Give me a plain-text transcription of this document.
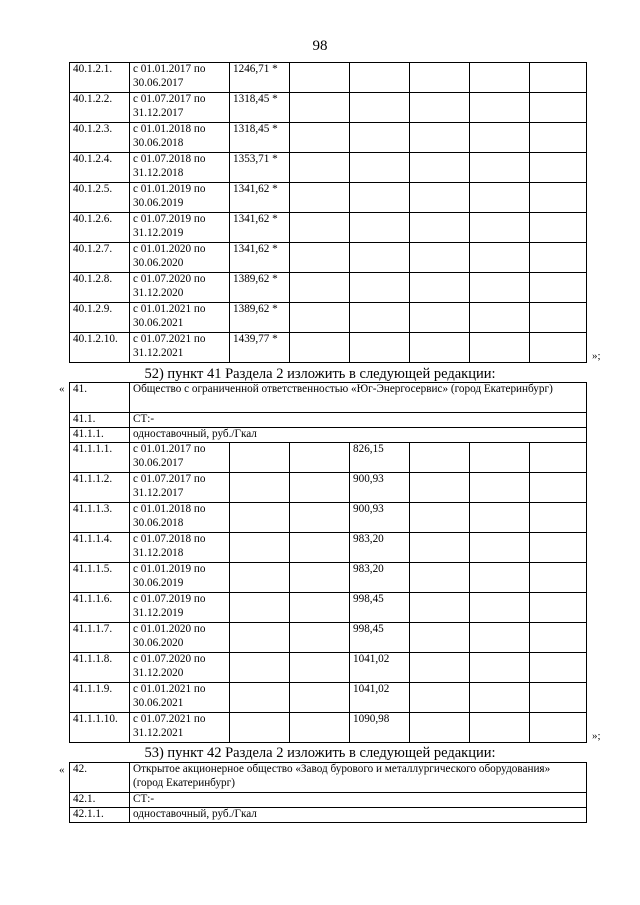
98
40.1.2.1.	с 01.01.2017 по 30.06.2017	1246,71 *					
40.1.2.2.	с 01.07.2017 по 31.12.2017	1318,45 *					
40.1.2.3.	с 01.01.2018 по 30.06.2018	1318,45 *					
40.1.2.4.	с 01.07.2018 по 31.12.2018	1353,71 *					
40.1.2.5.	с 01.01.2019 по 30.06.2019	1341,62 *					
40.1.2.6.	с 01.07.2019 по 31.12.2019	1341,62 *					
40.1.2.7.	с 01.01.2020 по 30.06.2020	1341,62 *					
40.1.2.8.	с 01.07.2020 по 31.12.2020	1389,62 *					
40.1.2.9.	с 01.01.2021 по 30.06.2021	1389,62 *					
40.1.2.10.	с 01.07.2021 по 31.12.2021	1439,77 *					
»;
52) пункт 41 Раздела 2 изложить в следующей редакции:
« 41.	Общество с ограниченной ответственностью «Юг-Энергосервис» (город Екатеринбург)						
41.1.	СТ:-						
41.1.1.	одноставочный, руб./Гкал						
41.1.1.1.	с 01.01.2017 по 30.06.2017			826,15			
41.1.1.2.	с 01.07.2017 по 31.12.2017			900,93			
41.1.1.3.	с 01.01.2018 по 30.06.2018			900,93			
41.1.1.4.	с 01.07.2018 по 31.12.2018			983,20			
41.1.1.5.	с 01.01.2019 по 30.06.2019			983,20			
41.1.1.6.	с 01.07.2019 по 31.12.2019			998,45			
41.1.1.7.	с 01.01.2020 по 30.06.2020			998,45			
41.1.1.8.	с 01.07.2020 по 31.12.2020			1041,02			
41.1.1.9.	с 01.01.2021 по 30.06.2021			1041,02			
41.1.1.10.	с 01.07.2021 по 31.12.2021			1090,98			
»;
53) пункт 42 Раздела 2 изложить в следующей редакции:
« 42.	Открытое акционерное общество «Завод бурового и металлургического оборудования» (город Екатеринбург)
42.1.	СТ:-
42.1.1.	одноставочный, руб./Гкал
